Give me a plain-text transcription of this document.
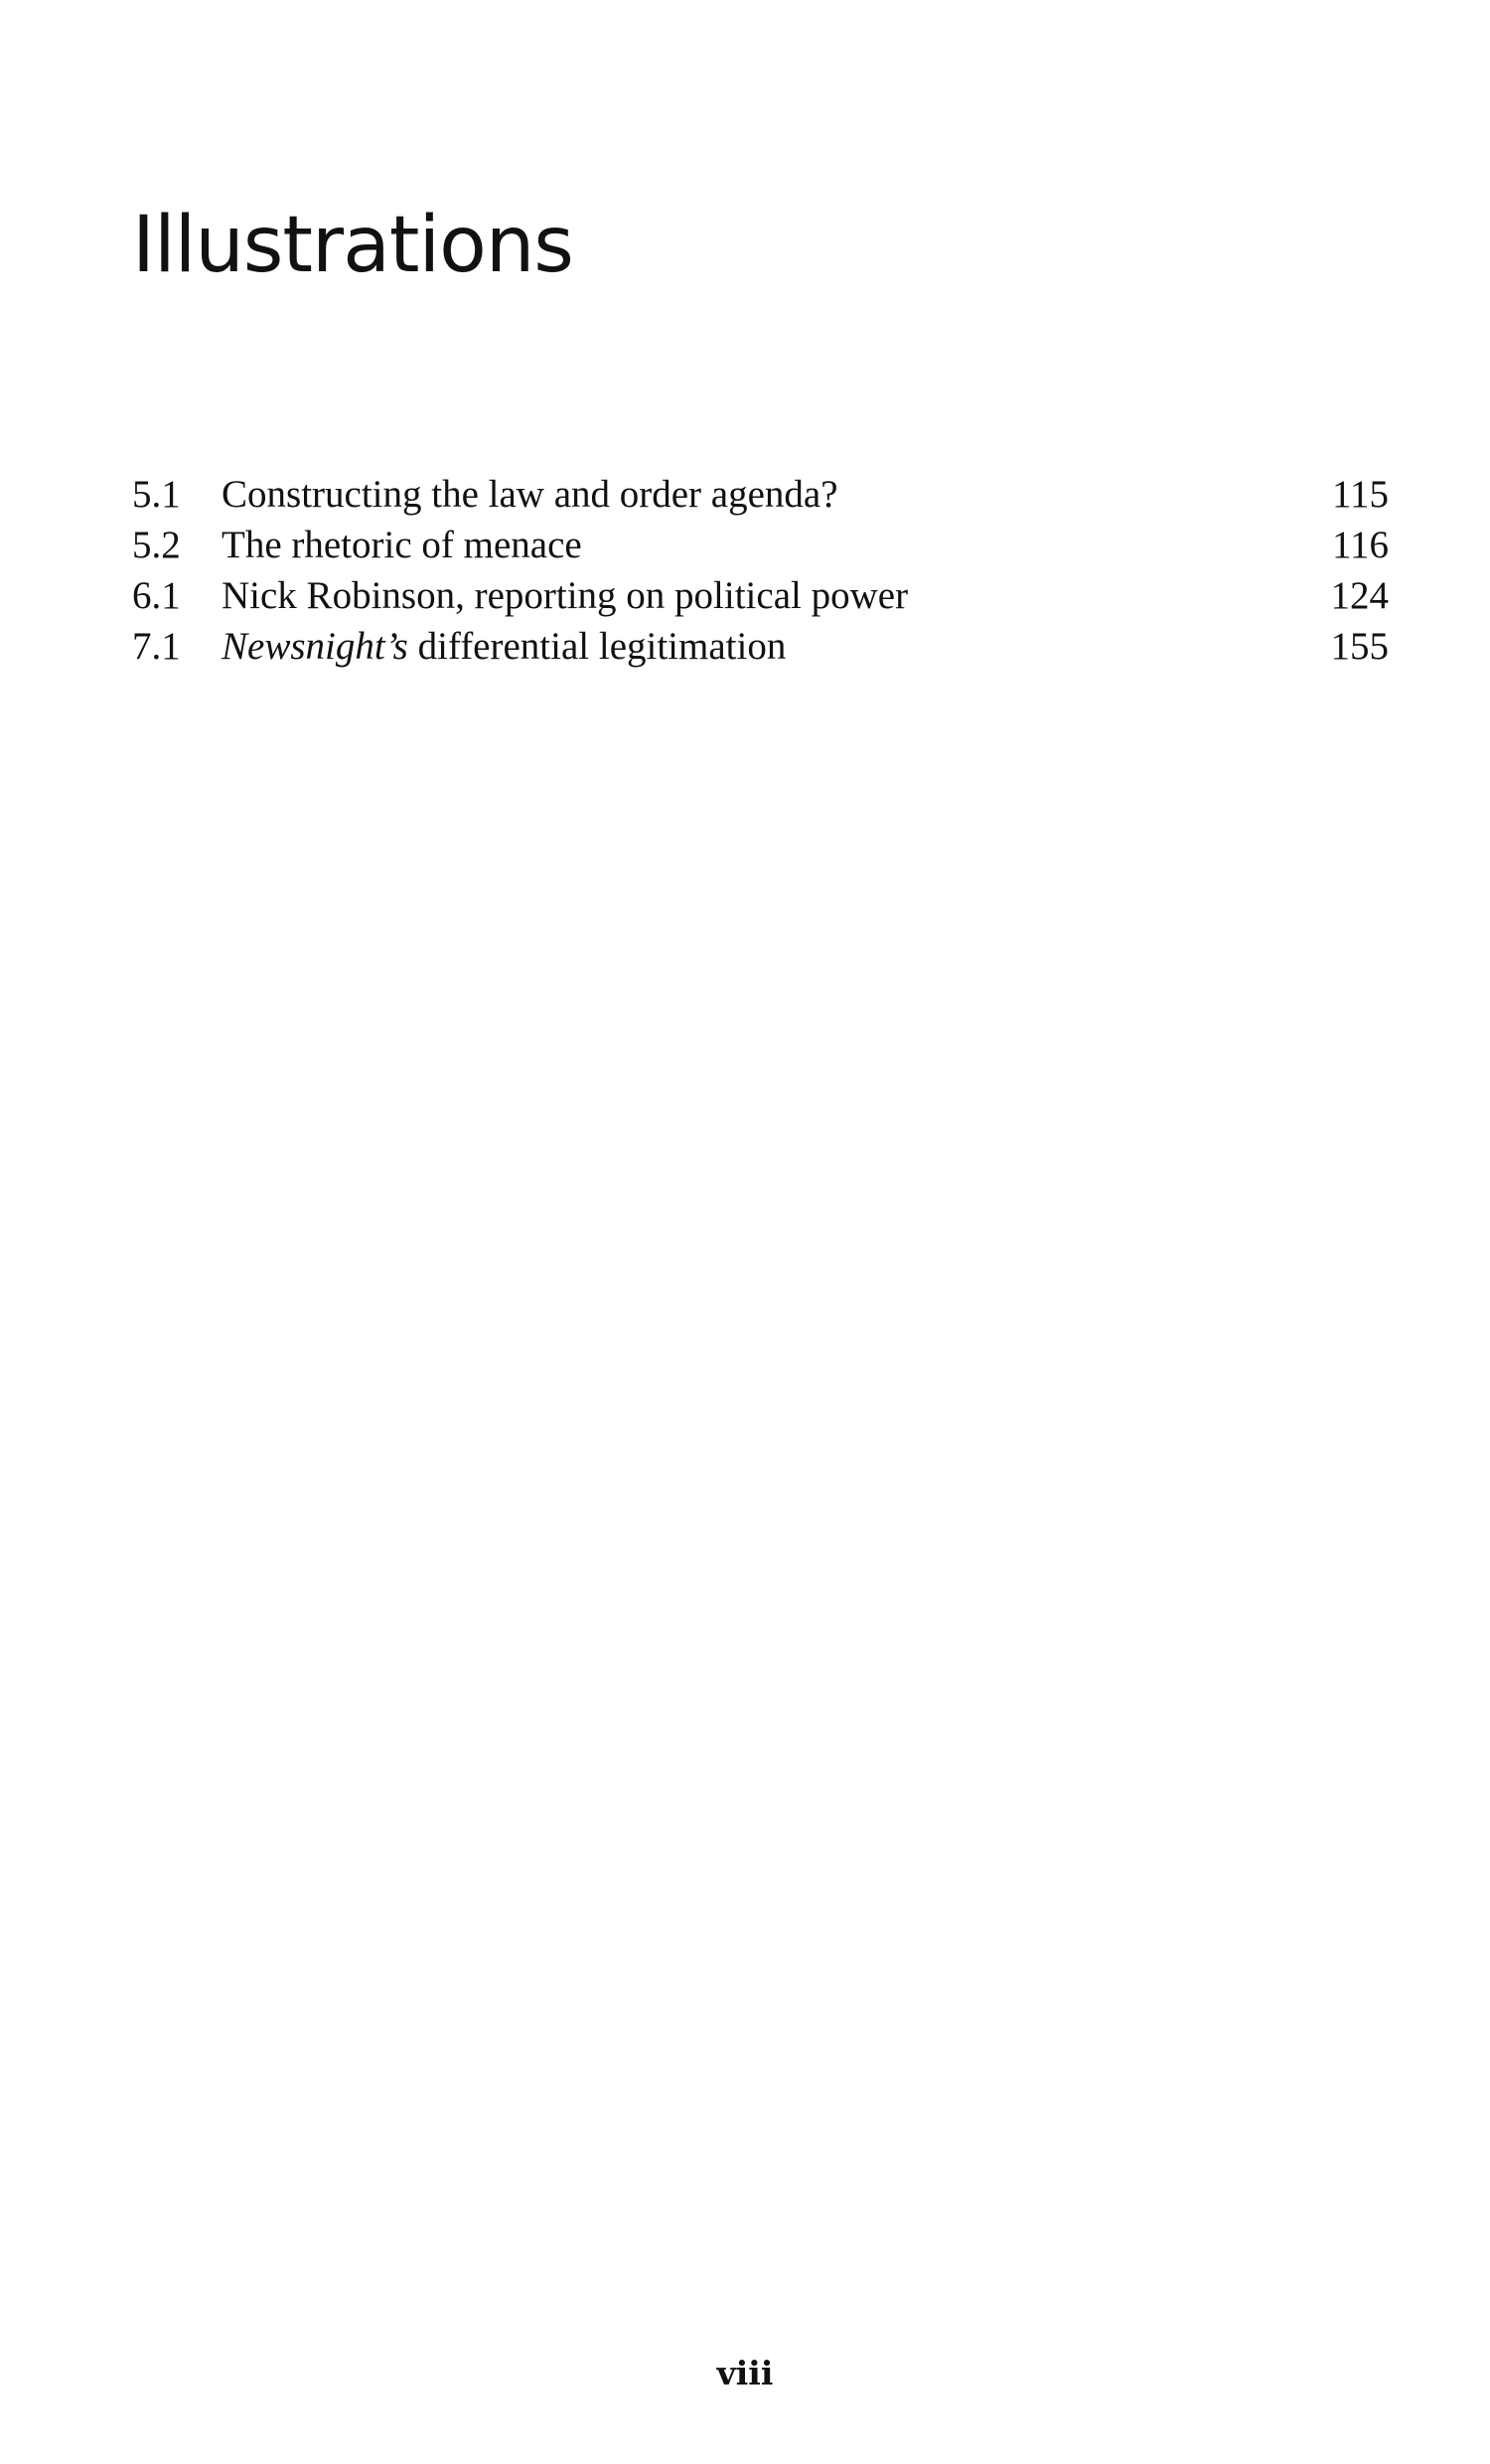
Illustrations
5.1	Constructing the law and order agenda?	115
5.2	The rhetoric of menace	116
6.1	Nick Robinson, reporting on political power	124
7.1	Newsnight’s differential legitimation	155
viii
